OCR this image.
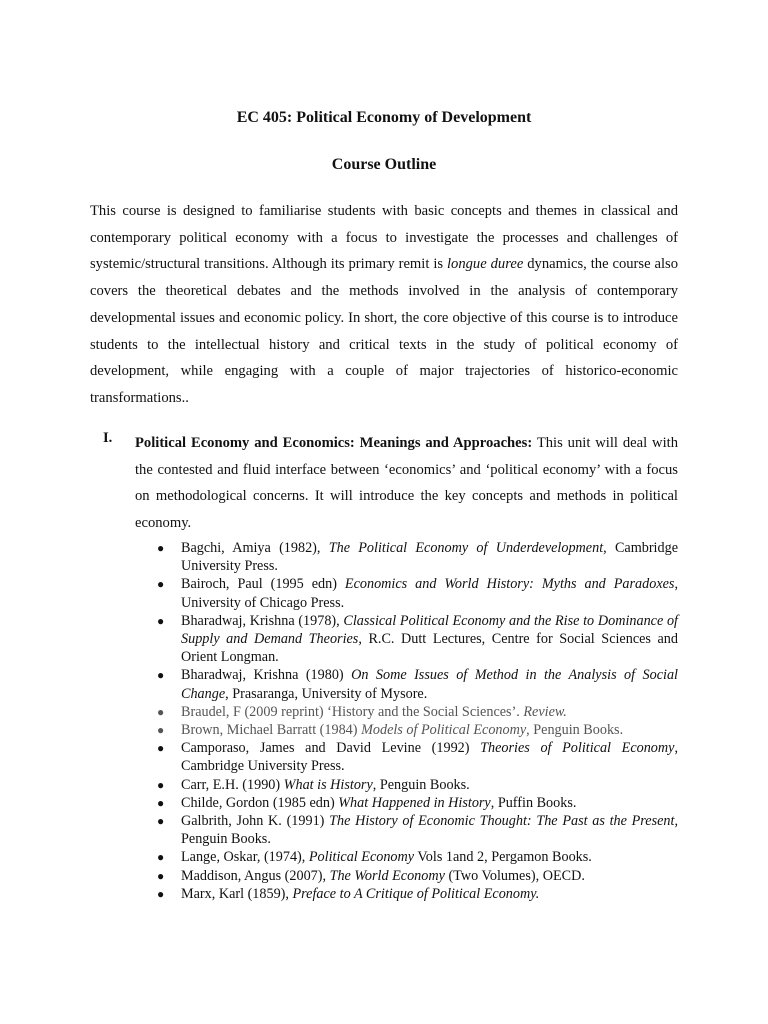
EC 405: Political Economy of Development
Course Outline

This course is designed to familiarise students with basic concepts and themes in classical and contemporary political economy with a focus to investigate the processes and challenges of systemic/structural transitions. Although its primary remit is longue duree dynamics, the course also covers the theoretical debates and the methods involved in the analysis of contemporary developmental issues and economic policy. In short, the core objective of this course is to introduce students to the intellectual history and critical texts in the study of political economy of development, while engaging with a couple of major trajectories of historico-economic transformations..

I. Political Economy and Economics: Meanings and Approaches: This unit will deal with the contested and fluid interface between ‘economics’ and ‘political economy’ with a focus on methodological concerns. It will introduce the key concepts and methods in political economy.

● Bagchi, Amiya (1982), The Political Economy of Underdevelopment, Cambridge University Press.
● Bairoch, Paul (1995 edn) Economics and World History: Myths and Paradoxes, University of Chicago Press.
● Bharadwaj, Krishna (1978), Classical Political Economy and the Rise to Dominance of Supply and Demand Theories, R.C. Dutt Lectures, Centre for Social Sciences and Orient Longman.
● Bharadwaj, Krishna (1980) On Some Issues of Method in the Analysis of Social Change, Prasaranga, University of Mysore.
● Braudel, F (2009 reprint) ‘History and the Social Sciences’. Review.
● Brown, Michael Barratt (1984) Models of Political Economy, Penguin Books.
● Camporaso, James and David Levine (1992) Theories of Political Economy, Cambridge University Press.
● Carr, E.H. (1990) What is History, Penguin Books.
● Childe, Gordon (1985 edn) What Happened in History, Puffin Books.
● Galbrith, John K. (1991) The History of Economic Thought: The Past as the Present, Penguin Books.
● Lange, Oskar, (1974), Political Economy Vols 1and 2, Pergamon Books.
● Maddison, Angus (2007), The World Economy (Two Volumes), OECD.
● Marx, Karl (1859), Preface to A Critique of Political Economy.
